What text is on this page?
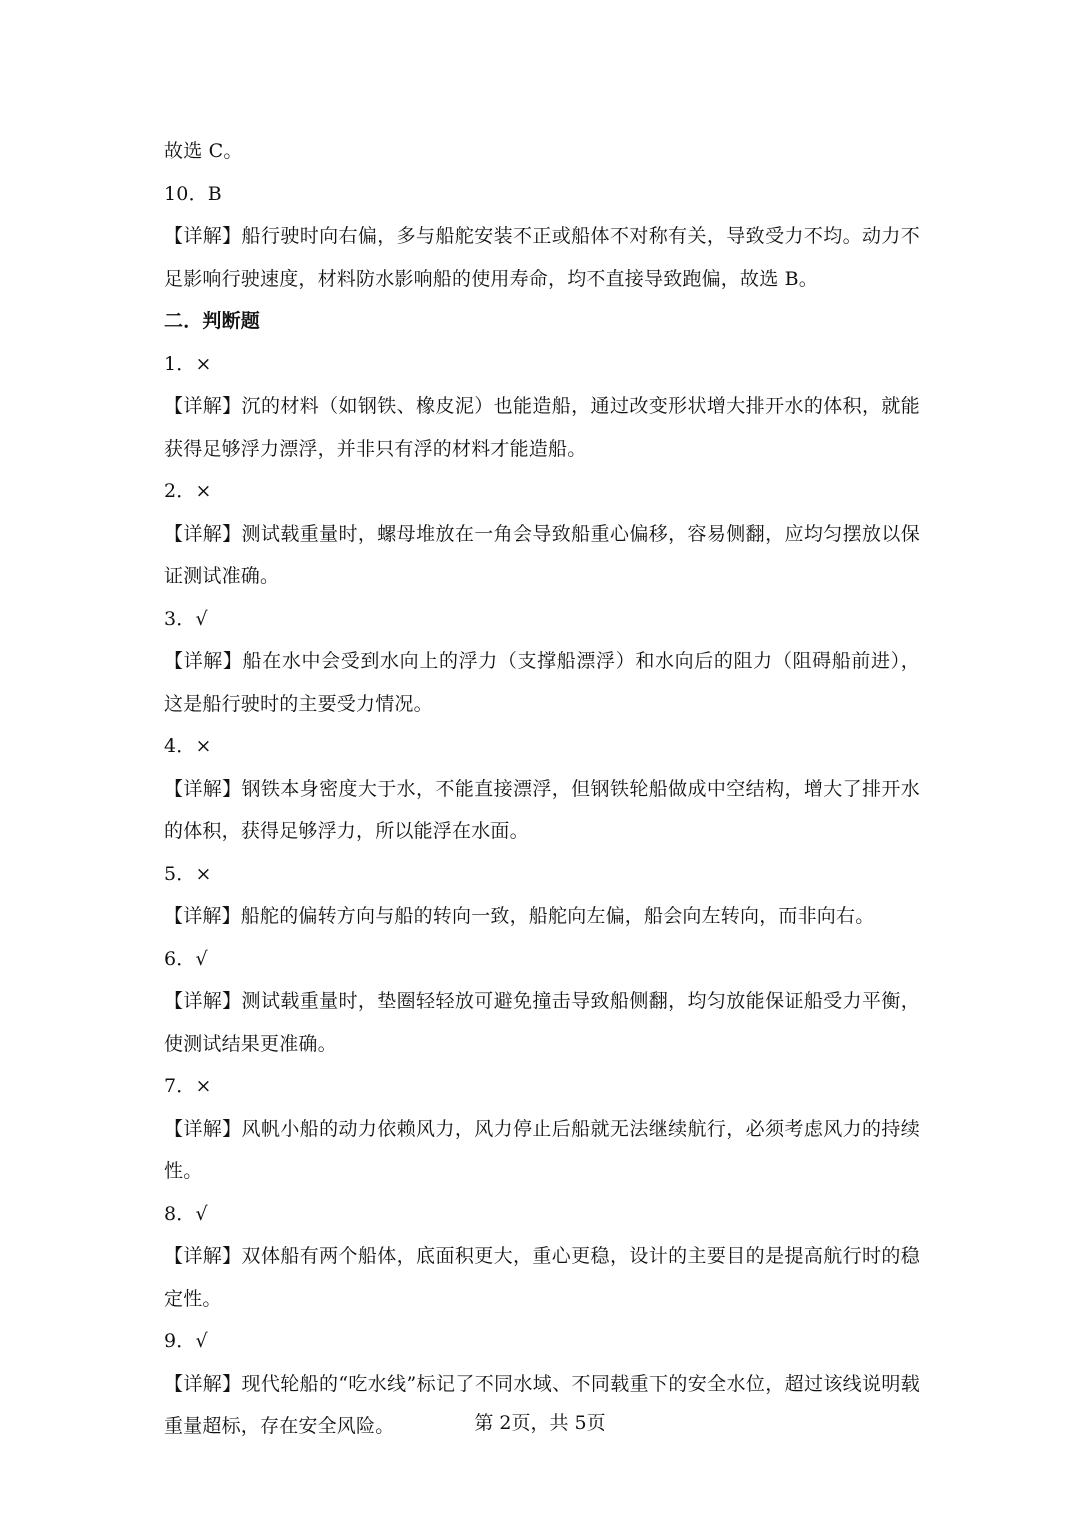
故选 C。
10．B

【详解】船行驶时向右偏，多与船舵安装不正或船体不对称有关，导致受力不均。动力不足影响行驶速度，材料防水影响船的使用寿命，均不直接导致跑偏，故选 B。

二．判断题
1．×

【详解】沉的材料（如钢铁、橡皮泥）也能造船，通过改变形状增大排开水的体积，就能获得足够浮力漂浮，并非只有浮的材料才能造船。

2．×

【详解】测试载重量时，螺母堆放在一角会导致船重心偏移，容易侧翻，应均匀摆放以保证测试准确。

3．√

【详解】船在水中会受到水向上的浮力（支撑船漂浮）和水向后的阻力（阻碍船前进），这是船行驶时的主要受力情况。

4．×

【详解】钢铁本身密度大于水，不能直接漂浮，但钢铁轮船做成中空结构，增大了排开水的体积，获得足够浮力，所以能浮在水面。

5．×

【详解】船舵的偏转方向与船的转向一致，船舵向左偏，船会向左转向，而非向右。

6．√

【详解】测试载重量时，垫圈轻轻放可避免撞击导致船侧翻，均匀放能保证船受力平衡，使测试结果更准确。

7．×

【详解】风帆小船的动力依赖风力，风力停止后船就无法继续航行，必须考虑风力的持续性。

8．√

【详解】双体船有两个船体，底面积更大，重心更稳，设计的主要目的是提高航行时的稳定性。

9．√

【详解】现代轮船的“吃水线”标记了不同水域、不同载重下的安全水位，超过该线说明载重量超标，存在安全风险。	第 2页，共 5页
